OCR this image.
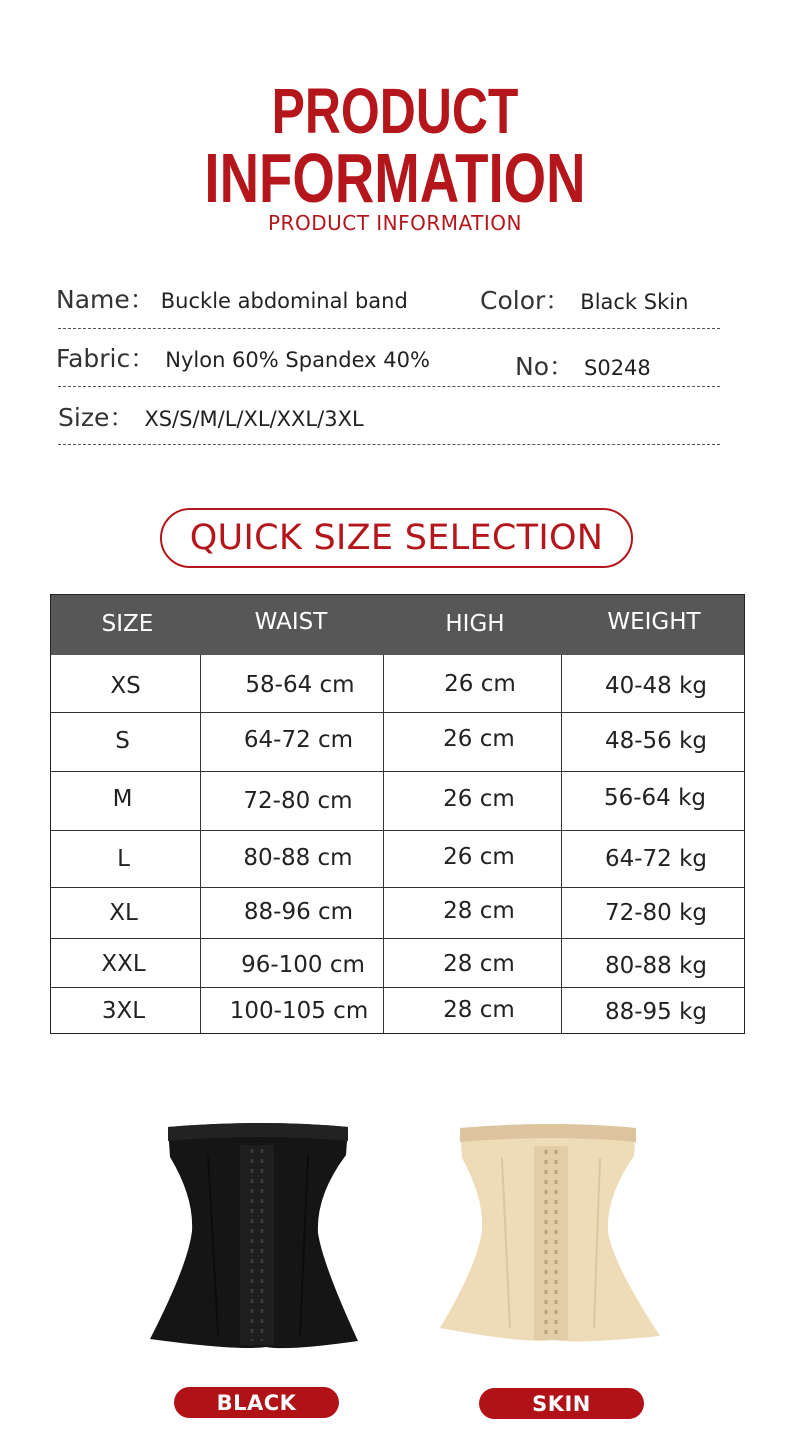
PRODUCT
INFORMATION
PRODUCT INFORMATION
Name： Buckle abdominal band	Color： Black Skin
Fabric： Nylon 60% Spandex 40%	No： S0248
Size： XS/S/M/L/XL/XXL/3XL
QUICK SIZE SELECTION
SIZE	WAIST	HIGH	WEIGHT
XS	58-64 cm	26 cm	40-48 kg
S	64-72 cm	26 cm	48-56 kg
M	72-80 cm	26 cm	56-64 kg
L	80-88 cm	26 cm	64-72 kg
XL	88-96 cm	28 cm	72-80 kg
XXL	96-100 cm	28 cm	80-88 kg
3XL	100-105 cm	28 cm	88-95 kg
BLACK	SKIN
